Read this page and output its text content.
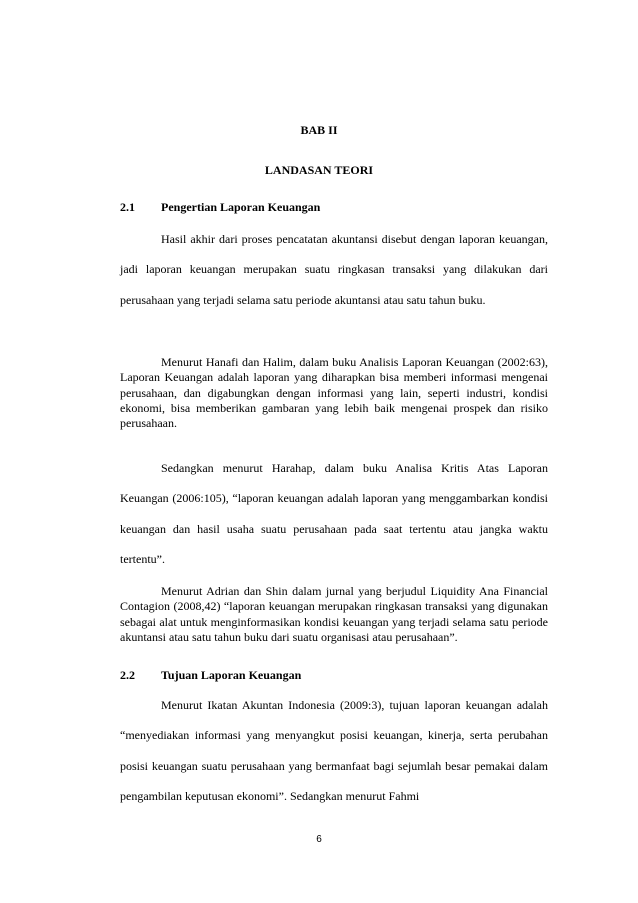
BAB II
LANDASAN TEORI
2.1 Pengertian Laporan Keuangan

Hasil akhir dari proses pencatatan akuntansi disebut dengan laporan keuangan, jadi laporan keuangan merupakan suatu ringkasan transaksi yang dilakukan dari perusahaan yang terjadi selama satu periode akuntansi atau satu tahun buku.

Menurut Hanafi dan Halim, dalam buku Analisis Laporan Keuangan (2002:63), Laporan Keuangan adalah laporan yang diharapkan bisa memberi informasi mengenai perusahaan, dan digabungkan dengan informasi yang lain, seperti industri, kondisi ekonomi, bisa memberikan gambaran yang lebih baik mengenai prospek dan risiko perusahaan.

Sedangkan menurut Harahap, dalam buku Analisa Kritis Atas Laporan Keuangan (2006:105), “laporan keuangan adalah laporan yang menggambarkan kondisi keuangan dan hasil usaha suatu perusahaan pada saat tertentu atau jangka waktu tertentu”.

Menurut Adrian dan Shin dalam jurnal yang berjudul Liquidity Ana Financial Contagion (2008,42) “laporan keuangan merupakan ringkasan transaksi yang digunakan sebagai alat untuk menginformasikan kondisi keuangan yang terjadi selama satu periode akuntansi atau satu tahun buku dari suatu organisasi atau perusahaan”.

2.2 Tujuan Laporan Keuangan

Menurut Ikatan Akuntan Indonesia (2009:3), tujuan laporan keuangan adalah “menyediakan informasi yang menyangkut posisi keuangan, kinerja, serta perubahan posisi keuangan suatu perusahaan yang bermanfaat bagi sejumlah besar pemakai dalam pengambilan keputusan ekonomi”. Sedangkan menurut Fahmi

6
